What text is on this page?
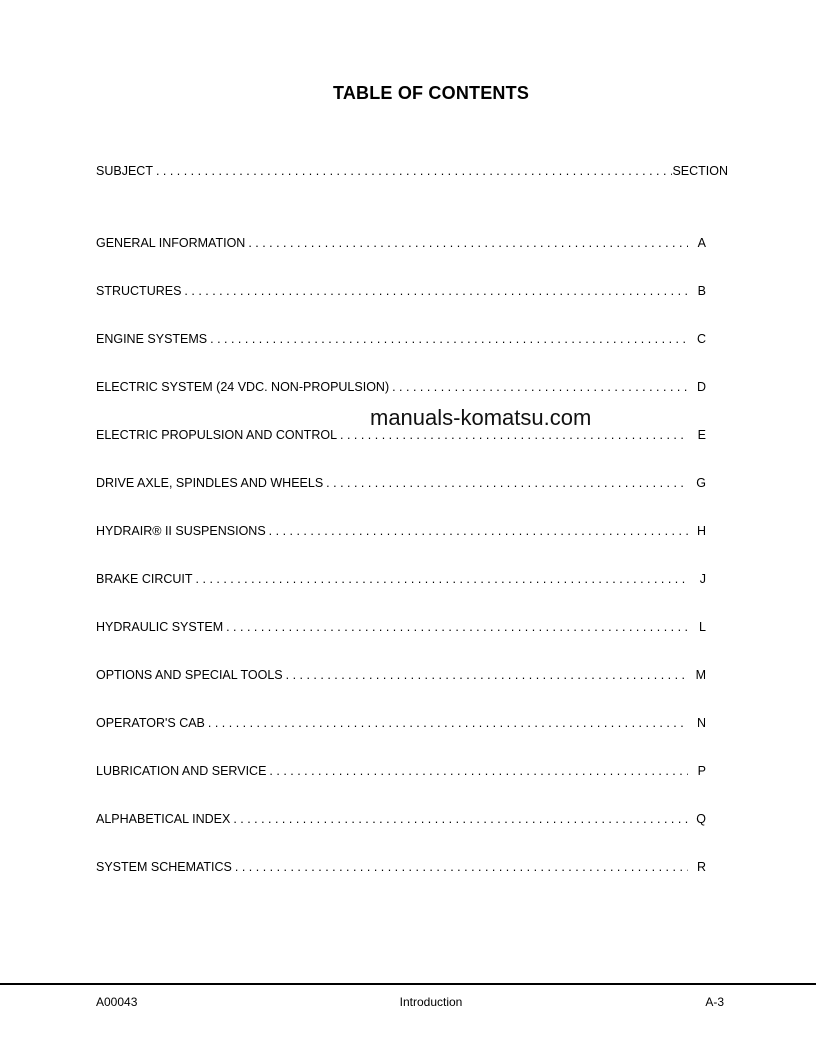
TABLE OF CONTENTS
SUBJECT . . .	SECTION
GENERAL INFORMATION . . .	A
STRUCTURES . . .	B
ENGINE SYSTEMS . . .	C
ELECTRIC SYSTEM (24 VDC. NON-PROPULSION) . . .	D
ELECTRIC PROPULSION AND CONTROL . . .	E
DRIVE AXLE, SPINDLES AND WHEELS . . .	G
HYDRAIR® II SUSPENSIONS . . .	H
BRAKE CIRCUIT . . .	J
HYDRAULIC SYSTEM . . .	L
OPTIONS AND SPECIAL TOOLS . . .	M
OPERATOR'S CAB . . .	N
LUBRICATION AND SERVICE . . .	P
ALPHABETICAL INDEX . . .	Q
SYSTEM SCHEMATICS . . .	R
manuals-komatsu.com
A00043	Introduction	A-3
